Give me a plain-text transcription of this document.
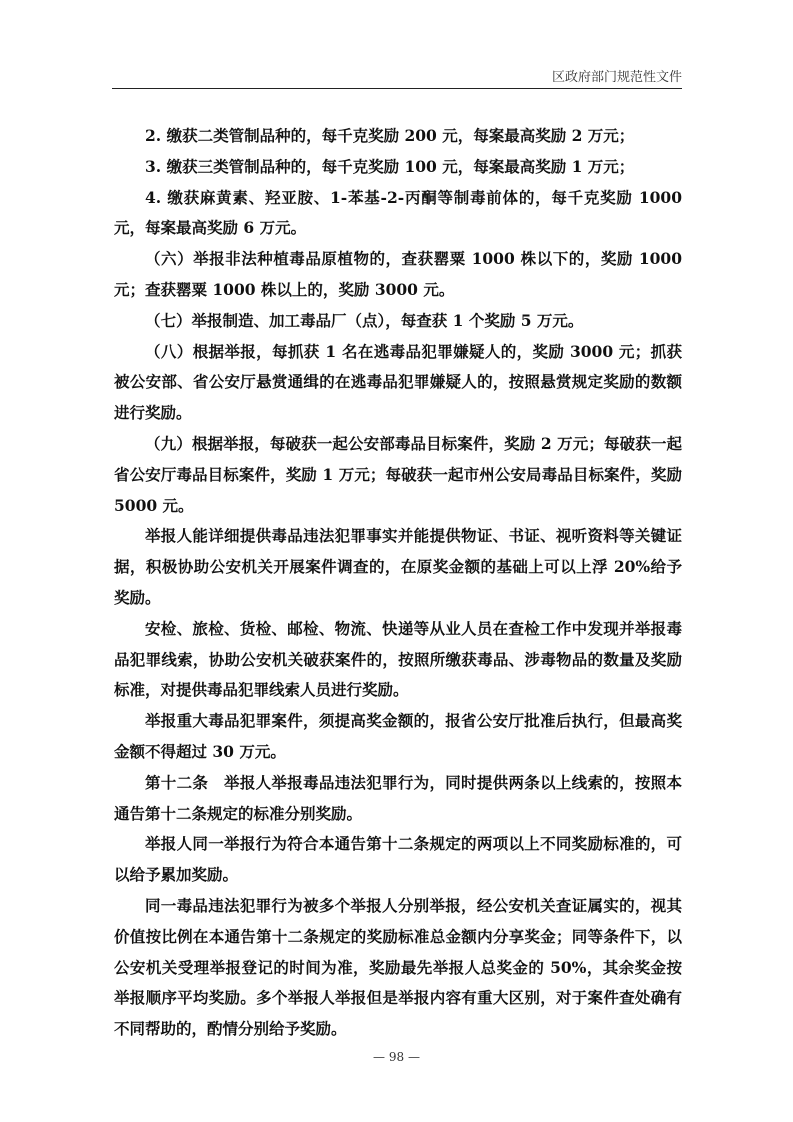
区政府部门规范性文件

2. 缴获二类管制品种的，每千克奖励 200 元，每案最高奖励 2 万元；

3. 缴获三类管制品种的，每千克奖励 100 元，每案最高奖励 1 万元；

4. 缴获麻黄素、羟亚胺、1-苯基-2-丙酮等制毒前体的，每千克奖励 1000 元，每案最高奖励 6 万元。

（六）举报非法种植毒品原植物的，查获罂粟 1000 株以下的，奖励 1000 元；查获罂粟 1000 株以上的，奖励 3000 元。

（七）举报制造、加工毒品厂（点），每查获 1 个奖励 5 万元。

（八）根据举报，每抓获 1 名在逃毒品犯罪嫌疑人的，奖励 3000 元；抓获被公安部、省公安厅悬赏通缉的在逃毒品犯罪嫌疑人的，按照悬赏规定奖励的数额进行奖励。

（九）根据举报，每破获一起公安部毒品目标案件，奖励 2 万元；每破获一起省公安厅毒品目标案件，奖励 1 万元；每破获一起市州公安局毒品目标案件，奖励 5000 元。

举报人能详细提供毒品违法犯罪事实并能提供物证、书证、视听资料等关键证据，积极协助公安机关开展案件调查的，在原奖金额的基础上可以上浮 20%给予奖励。

安检、旅检、货检、邮检、物流、快递等从业人员在查检工作中发现并举报毒品犯罪线索，协助公安机关破获案件的，按照所缴获毒品、涉毒物品的数量及奖励标准，对提供毒品犯罪线索人员进行奖励。

举报重大毒品犯罪案件，须提高奖金额的，报省公安厅批准后执行，但最高奖金额不得超过 30 万元。

第十二条　举报人举报毒品违法犯罪行为，同时提供两条以上线索的，按照本通告第十二条规定的标准分别奖励。

举报人同一举报行为符合本通告第十二条规定的两项以上不同奖励标准的，可以给予累加奖励。

同一毒品违法犯罪行为被多个举报人分别举报，经公安机关查证属实的，视其价值按比例在本通告第十二条规定的奖励标准总金额内分享奖金；同等条件下，以公安机关受理举报登记的时间为准，奖励最先举报人总奖金的 50%，其余奖金按举报顺序平均奖励。多个举报人举报但是举报内容有重大区别，对于案件查处确有不同帮助的，酌情分别给予奖励。

— 98 —
